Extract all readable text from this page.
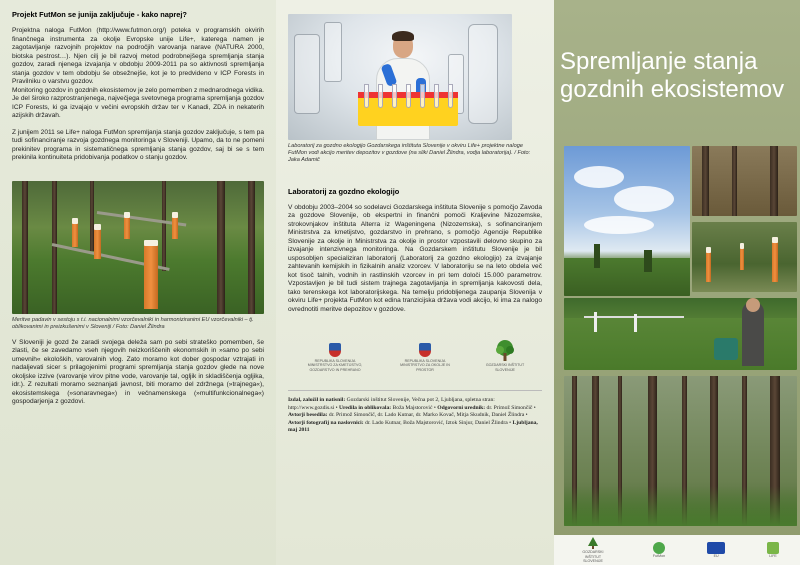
Projekt FutMon se junija zaključuje - kako naprej?

Projektna naloga FutMon (http://www.futmon.org/) poteka v programskih okvirih finančnega instrumenta za okolje Evropske unije Life+, katerega namen je zagotavljanje razvojnih projektov na področjih varovanja narave (NATURA 2000, biotska pestrost…). Njen cilj je bil razvoj metod podrobnejšega spremljanja stanja gozdov, zaradi njenega izvajanja v obdobju 2009-2011 pa so aktivnosti spremljanja stanja gozdov v tem obdobju še obsežnejše, kot je to predvideno v ICP Forests in Pravilniku o varstvu gozdov.

Monitoring gozdov in gozdnih ekosistemov je zelo pomemben z mednarodnega vidika. Je del široko razprostranjenega, največjega svetovnega programa spremljanja gozdov ICP Forests, ki ga izvajajo v večini evropskih držav ter v Kanadi, ZDA in nekaterih azijskih državah.

Z junijem 2011 se Life+ naloga FutMon spremljanja stanja gozdov zaključuje, s tem pa tudi sofinanciranje razvoja gozdnega monitoringa v Sloveniji. Upamo, da to ne pomeni prekinitev programa in sistematičnega spremljanja stanja gozdov, saj bi se s tem prekinila kontinuiteta pridobivanja podatkov o stanju gozdov.

Meritve padavin v sestoju s t.i. nacionalnimi vzorčevalniki in harmoniziranimi EU vzorčevalniki – tj. oblikovanimi in preizkušenimi v Sloveniji / Foto: Daniel Žlindra

V Sloveniji je gozd že zaradi svojega deleža sam po sebi strateško pomemben, še zlasti, če se zavedamo vseh njegovih neizkoriščenih ekonomskih in »samo po sebi umevnih« ekoloških, varovalnih vlog. Zato moramo kot dober gospodar vztrajati in nadaljevati sicer s prilagojenimi programi spremljanja stanja gozdov glede na nove okoljske izzive (varovanje virov pitne vode, varovanje tal, ogljik in skladiščenja ogljika, idr.). Z rezultati moramo seznanjati javnost, biti moramo del zdržnega (»trajnega«), ekosistemskega (»sonaravnega«) in večnamenskega (»multifunkcionalnega«) gospodarjenja z gozdovi.

Laboratorij za gozdno ekologijo Gozdarskega inštituta Slovenije v okviru Life+ projektne naloge FutMon vodi akcijo meritev depozitov v gozdove (na sliki Daniel Žlindra, vodja laboratorija). / Foto: Jaka Adamič

Laboratorij za gozdno ekologijo

V obdobju 2003–2004 so sodelavci Gozdarskega inštituta Slovenije s pomočjo Zavoda za gozdove Slovenije, ob ekspertni in finančni pomoči Kraljevine Nizozemske, strokovnjakov inštituta Alterra iz Wageningena (Nizozemska), s sofinanciranjem Ministrstva za kmetijstvo, gozdarstvo in prehrano, s pomočjo Agencije Republike Slovenije za okolje in Ministrstva za okolje in prostor vzpostavili delovno skupino za izvajanje intenzivnega monitoringa. Na Gozdarskem inštitutu Slovenije je bil usposobljen specializiran laboratorij (Laboratorij za gozdno ekologijo) za izvajanje zahtevanih kemijskih in fizikalnih analiz vzorcev. V laboratoriju se na leto obdela več kot tisoč talnih, vodnih in rastlinskih vzorcev in pri tem določi 15.000 parametrov. Vzpostavljen je bil tudi sistem trajnega zagotavljanja in spremljanja kakovosti dela, tako terenskega kot laboratorijskega. Na temelju pridobljenega zaupanja Slovenija v okviru Life+ projekta FutMon kot edina tranzicijska država vodi akcijo, ki ima za nalogo ovrednotiti meritve depozitov v gozdove.

REPUBLIKA SLOVENIJA MINISTRSTVO ZA KMETIJSTVO, GOZDARSTVO IN PREHRANO
REPUBLIKA SLOVENIJA MINISTRSTVO ZA OKOLJE IN PROSTOR
GOZDARSKI INŠTITUT SLOVENIJE
Izdal, založil in natisnil: Gozdarski inštitut Slovenije, Večna pot 2, Ljubljana, spletna stran: http://www.gozdis.si • Uredila in oblikovala: Boža Majstorović • Odgovorni urednik: dr. Primož Simončič • Avtorji besedila: dr. Primož Simončič, dr. Lado Kutnar, dr. Marko Kovač, Mitja Skudnik, Daniel Žlindra • Avtorji fotografij na naslovnici: dr. Lado Kutnar, Boža Majstorović, Iztok Sinjur, Daniel Žlindra • Ljubljana, maj 2011
Spremljanje stanja gozdnih ekosistemov
GOZDARSKI INŠTITUT SLOVENIJE
FutMon	EU	LIFE
